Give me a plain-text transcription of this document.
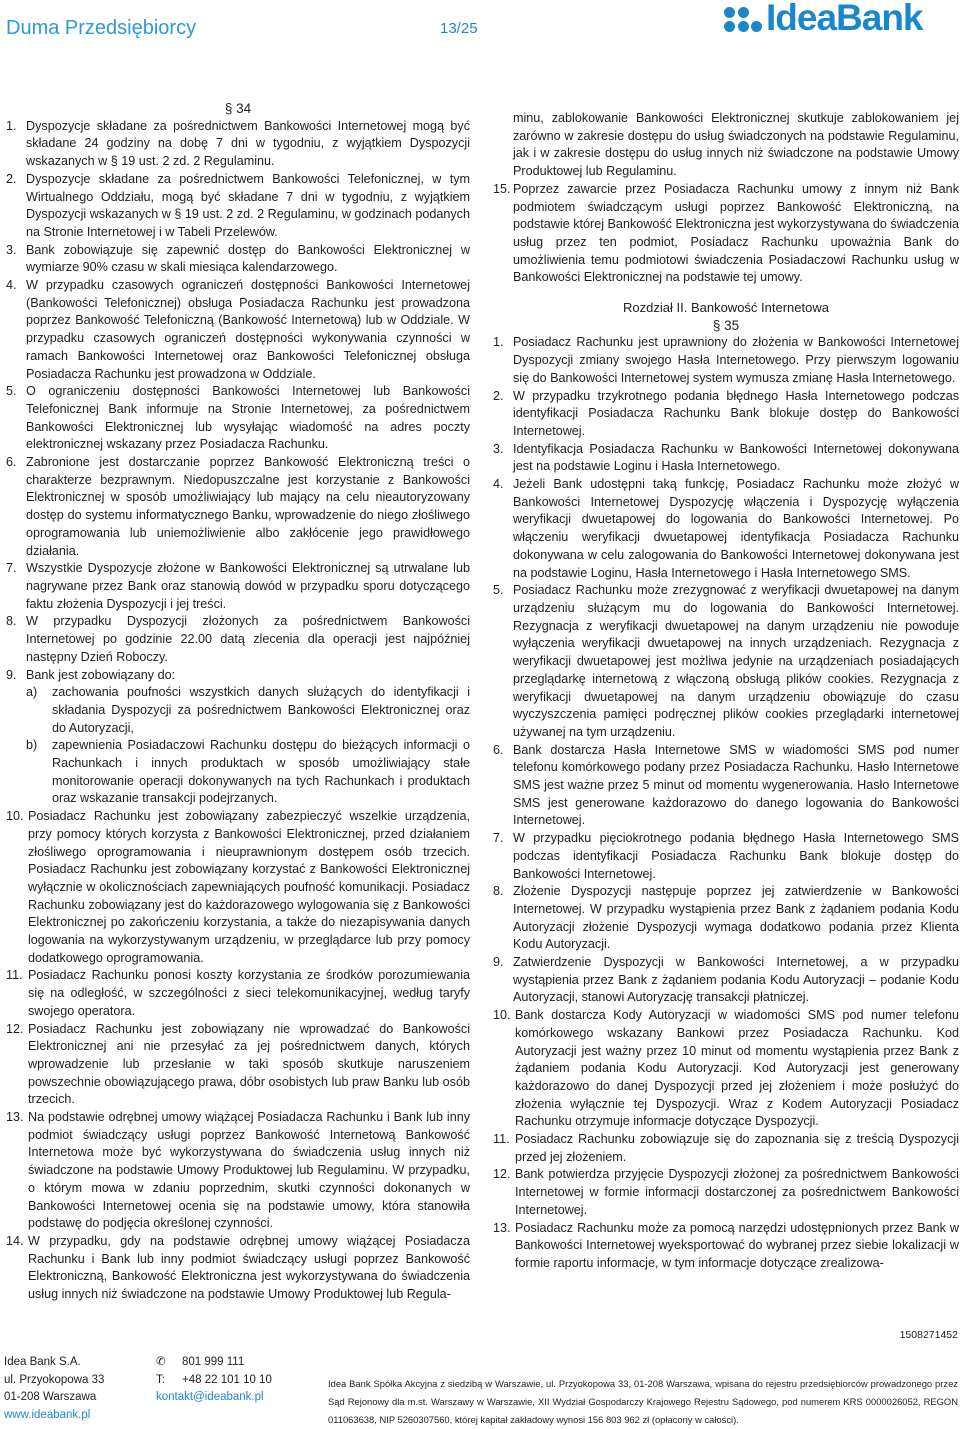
Duma Przedsiębiorcy	13/25	IdeaBank
§ 34
1. Dyspozycje składane za pośrednictwem Bankowości Internetowej mogą być składane 24 godziny na dobę 7 dni w tygodniu, z wyjątkiem Dyspozycji wskazanych w § 19 ust. 2 zd. 2 Regulaminu.
2. Dyspozycje składane za pośrednictwem Bankowości Telefonicznej, w tym Wirtualnego Oddziału, mogą być składane 7 dni w tygodniu, z wyjątkiem Dyspozycji wskazanych w § 19 ust. 2 zd. 2 Regulaminu, w godzinach podanych na Stronie Internetowej i w Tabeli Przelewów.
3. Bank zobowiązuje się zapewnić dostęp do Bankowości Elektronicznej w wymiarze 90% czasu w skali miesiąca kalendarzowego.
4. W przypadku czasowych ograniczeń dostępności Bankowości Internetowej (Bankowości Telefonicznej) obsługa Posiadacza Rachunku jest prowadzona poprzez Bankowość Telefoniczną (Bankowość Internetową) lub w Oddziale. W przypadku czasowych ograniczeń dostępności wykonywania czynności w ramach Bankowości Internetowej oraz Bankowości Telefonicznej obsługa Posiadacza Rachunku jest prowadzona w Oddziale.
5. O ograniczeniu dostępności Bankowości Internetowej lub Bankowości Telefonicznej Bank informuje na Stronie Internetowej, za pośrednictwem Bankowości Elektronicznej lub wysyłając wiadomość na adres poczty elektronicznej wskazany przez Posiadacza Rachunku.
6. Zabronione jest dostarczanie poprzez Bankowość Elektroniczną treści o charakterze bezprawnym. Niedopuszczalne jest korzystanie z Bankowości Elektronicznej w sposób umożliwiający lub mający na celu nieautoryzowany dostęp do systemu informatycznego Banku, wprowadzenie do niego złośliwego oprogramowania lub uniemożliwienie albo zakłócenie jego prawidłowego działania.
7. Wszystkie Dyspozycje złożone w Bankowości Elektronicznej są utrwalane lub nagrywane przez Bank oraz stanowią dowód w przypadku sporu dotyczącego faktu złożenia Dyspozycji i jej treści.
8. W przypadku Dyspozycji złożonych za pośrednictwem Bankowości Internetowej po godzinie 22.00 datą zlecenia dla operacji jest najpóźniej następny Dzień Roboczy.
9. Bank jest zobowiązany do:
a)	zachowania poufności wszystkich danych służących do identyfikacji i składania Dyspozycji za pośrednictwem Bankowości Elektronicznej oraz do Autoryzacji,
b)	zapewnienia Posiadaczowi Rachunku dostępu do bieżących informacji o Rachunkach i innych produktach w sposób umożliwiający stałe monitorowanie operacji dokonywanych na tych Rachunkach i produktach oraz wskazanie transakcji podejrzanych.
10. Posiadacz Rachunku jest zobowiązany zabezpieczyć wszelkie urządzenia, przy pomocy których korzysta z Bankowości Elektronicznej, przed działaniem złośliwego oprogramowania i nieuprawnionym dostępem osób trzecich. Posiadacz Rachunku jest zobowiązany korzystać z Bankowości Elektronicznej wyłącznie w okolicznościach zapewniających poufność komunikacji. Posiadacz Rachunku zobowiązany jest do każdorazowego wylogowania się z Bankowości Elektronicznej po zakończeniu korzystania, a także do niezapisywania danych logowania na wykorzystywanym urządzeniu, w przeglądarce lub przy pomocy dodatkowego oprogramowania.
11. Posiadacz Rachunku ponosi koszty korzystania ze środków porozumiewania się na odległość, w szczególności z sieci telekomunikacyjnej, według taryfy swojego operatora.
12. Posiadacz Rachunku jest zobowiązany nie wprowadzać do Bankowości Elektronicznej ani nie przesyłać za jej pośrednictwem danych, których wprowadzenie lub przesłanie w taki sposób skutkuje naruszeniem powszechnie obowiązującego prawa, dóbr osobistych lub praw Banku lub osób trzecich.
13. Na podstawie odrębnej umowy wiążącej Posiadacza Rachunku i Bank lub inny podmiot świadczący usługi poprzez Bankowość Internetową Bankowość Internetowa może być wykorzystywana do świadczenia usług innych niż świadczone na podstawie Umowy Produktowej lub Regulaminu. W przypadku, o którym mowa w zdaniu poprzednim, skutki czynności dokonanych w Bankowości Internetowej ocenia się na podstawie umowy, która stanowiła podstawę do podjęcia określonej czynności.
14. W przypadku, gdy na podstawie odrębnej umowy wiążącej Posiadacza Rachunku i Bank lub inny podmiot świadczący usługi poprzez Bankowość Elektroniczną, Bankowość Elektroniczna jest wykorzystywana do świadczenia usług innych niż świadczone na podstawie Umowy Produktowej lub Regula-

minu, zablokowanie Bankowości Elektronicznej skutkuje zablokowaniem jej zarówno w zakresie dostępu do usług świadczonych na podstawie Regulaminu, jak i w zakresie dostępu do usług innych niż świadczone na podstawie Umowy Produktowej lub Regulaminu.

15. Poprzez zawarcie przez Posiadacza Rachunku umowy z innym niż Bank podmiotem świadczącym usługi poprzez Bankowość Elektroniczną, na podstawie której Bankowość Elektroniczna jest wykorzystywana do świadczenia usług przez ten podmiot, Posiadacz Rachunku upoważnia Bank do umożliwienia temu podmiotowi świadczenia Posiadaczowi Rachunku usług w Bankowości Elektronicznej na podstawie tej umowy.
Rozdział II. Bankowość Internetowa
§ 35
1. Posiadacz Rachunku jest uprawniony do złożenia w Bankowości Internetowej Dyspozycji zmiany swojego Hasła Internetowego. Przy pierwszym logowaniu się do Bankowości Internetowej system wymusza zmianę Hasła Internetowego.
2. W przypadku trzykrotnego podania błędnego Hasła Internetowego podczas identyfikacji Posiadacza Rachunku Bank blokuje dostęp do Bankowości Internetowej.
3. Identyfikacja Posiadacza Rachunku w Bankowości Internetowej dokonywana jest na podstawie Loginu i Hasła Internetowego.
4. Jeżeli Bank udostępni taką funkcję, Posiadacz Rachunku może złożyć w Bankowości Internetowej Dyspozycję włączenia i Dyspozycję wyłączenia weryfikacji dwuetapowej do logowania do Bankowości Internetowej. Po włączeniu weryfikacji dwuetapowej identyfikacja Posiadacza Rachunku dokonywana w celu zalogowania do Bankowości Internetowej dokonywana jest na podstawie Loginu, Hasła Internetowego i Hasła Internetowego SMS.
5. Posiadacz Rachunku może zrezygnować z weryfikacji dwuetapowej na danym urządzeniu służącym mu do logowania do Bankowości Internetowej. Rezygnacja z weryfikacji dwuetapowej na danym urządzeniu nie powoduje wyłączenia weryfikacji dwuetapowej na innych urządzeniach. Rezygnacja z weryfikacji dwuetapowej jest możliwa jedynie na urządzeniach posiadających przeglądarkę internetową z włączoną obsługą plików cookies. Rezygnacja z weryfikacji dwuetapowej na danym urządzeniu obowiązuje do czasu wyczyszczenia pamięci podręcznej plików cookies przeglądarki internetowej używanej na tym urządzeniu.
6. Bank dostarcza Hasła Internetowe SMS w wiadomości SMS pod numer telefonu komórkowego podany przez Posiadacza Rachunku. Hasło Internetowe SMS jest ważne przez 5 minut od momentu wygenerowania. Hasło Internetowe SMS jest generowane każdorazowo do danego logowania do Bankowości Internetowej.
7. W przypadku pięciokrotnego podania błędnego Hasła Internetowego SMS podczas identyfikacji Posiadacza Rachunku Bank blokuje dostęp do Bankowości Internetowej.
8. Złożenie Dyspozycji następuje poprzez jej zatwierdzenie w Bankowości Internetowej. W przypadku wystąpienia przez Bank z żądaniem podania Kodu Autoryzacji złożenie Dyspozycji wymaga dodatkowo podania przez Klienta Kodu Autoryzacji.
9. Zatwierdzenie Dyspozycji w Bankowości Internetowej, a w przypadku wystąpienia przez Bank z żądaniem podania Kodu Autoryzacji – podanie Kodu Autoryzacji, stanowi Autoryzację transakcji płatniczej.
10. Bank dostarcza Kody Autoryzacji w wiadomości SMS pod numer telefonu komórkowego wskazany Bankowi przez Posiadacza Rachunku. Kod Autoryzacji jest ważny przez 10 minut od momentu wystąpienia przez Bank z żądaniem podania Kodu Autoryzacji. Kod Autoryzacji jest generowany każdorazowo do danej Dyspozycji przed jej złożeniem i może posłużyć do złożenia wyłącznie tej Dyspozycji. Wraz z Kodem Autoryzacji Posiadacz Rachunku otrzymuje informacje dotyczące Dyspozycji.
11. Posiadacz Rachunku zobowiązuje się do zapoznania się z treścią Dyspozycji przed jej złożeniem.
12. Bank potwierdza przyjęcie Dyspozycji złożonej za pośrednictwem Bankowości Internetowej w formie informacji dostarczonej za pośrednictwem Bankowości Internetowej.
13. Posiadacz Rachunku może za pomocą narzędzi udostępnionych przez Bank w Bankowości Internetowej wyeksportować do wybranej przez siebie lokalizacji w formie raportu informacje, w tym informacje dotyczące zrealizowa-
1508271452
Idea Bank S.A.
ul. Przyokopowa 33
01-208 Warszawa
www.ideabank.pl
✆ 801 999 111
T: +48 22 101 10 10
kontakt@ideabank.pl
Idea Bank Spółka Akcyjna z siedzibą w Warszawie, ul. Przyokopowa 33, 01-208 Warszawa, wpisana do rejestru przedsiębiorców prowadzonego przez Sąd Rejonowy dla m.st. Warszawy w Warszawie, XII Wydział Gospodarczy Krajowego Rejestru Sądowego, pod numerem KRS 0000026052, REGON 011063638, NIP 5260307560, której kapitał zakładowy wynosi 156 803 962 zł (opłacony w całości).
